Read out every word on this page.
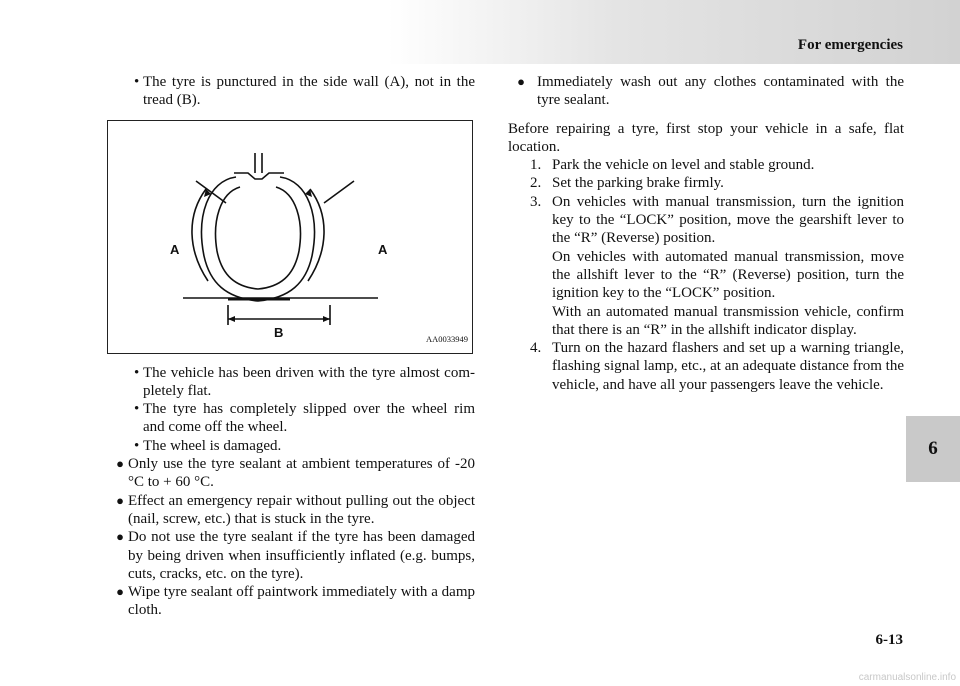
For emergencies
6
6-13
• The tyre is punctured in the side wall (A), not in the tread (B).
A	A
B	AA0033949
• The vehicle has been driven with the tyre almost com-pletely flat.
• The tyre has completely slipped over the wheel rim and come off the wheel.
• The wheel is damaged.
● Only use the tyre sealant at ambient temperatures of -20 °C to + 60 °C.
● Effect an emergency repair without pulling out the object (nail, screw, etc.) that is stuck in the tyre.
● Do not use the tyre sealant if the tyre has been damaged by being driven when insufficiently inflated (e.g. bumps, cuts, cracks, etc. on the tyre).
● Wipe tyre sealant off paintwork immediately with a damp cloth.
● Immediately wash out any clothes contaminated with the tyre sealant.
Before repairing a tyre, first stop your vehicle in a safe, flat location.
1. Park the vehicle on level and stable ground.
2. Set the parking brake firmly.
3. On vehicles with manual transmission, turn the ignition key to the “LOCK” position, move the gearshift lever to the “R” (Reverse) position.
On vehicles with automated manual transmission, move the allshift lever to the “R” (Reverse) position, turn the ignition key to the “LOCK” position.
With an automated manual transmission vehicle, confirm that there is an “R” in the allshift indicator display.
4. Turn on the hazard flashers and set up a warning triangle, flashing signal lamp, etc., at an adequate distance from the vehicle, and have all your passengers leave the vehicle.
carmanualsonline.info
